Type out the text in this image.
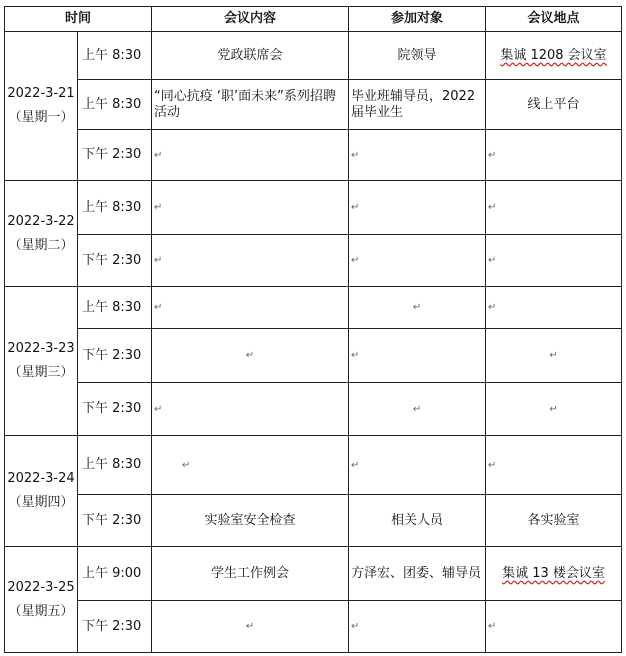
时间		会议内容	参加对象	会议地点

2022-3-21
（星期一）	上午 8:30	党政联席会	院领导	集诚 1208 会议室
	上午 8:30	“同心抗疫 ‘职’面未来”系列招聘活动	毕业班辅导员，2022 届毕业生	线上平台
	下午 2:30	↵	↵	↵

2022-3-22
（星期二）	上午 8:30	↵	↵	↵
	下午 2:30	↵	↵	↵

2022-3-23
（星期三）	上午 8:30	↵	↵	↵
	下午 2:30	↵	↵	↵
	下午 2:30	↵	↵	↵

2022-3-24
（星期四）	上午 8:30	↵	↵	↵
	下午 2:30	实验室安全检查	相关人员	各实验室

2022-3-25
（星期五）	上午 9:00	学生工作例会	方泽宏、团委、辅导员	集诚 13 楼会议室
	下午 2:30	↵	↵	↵
